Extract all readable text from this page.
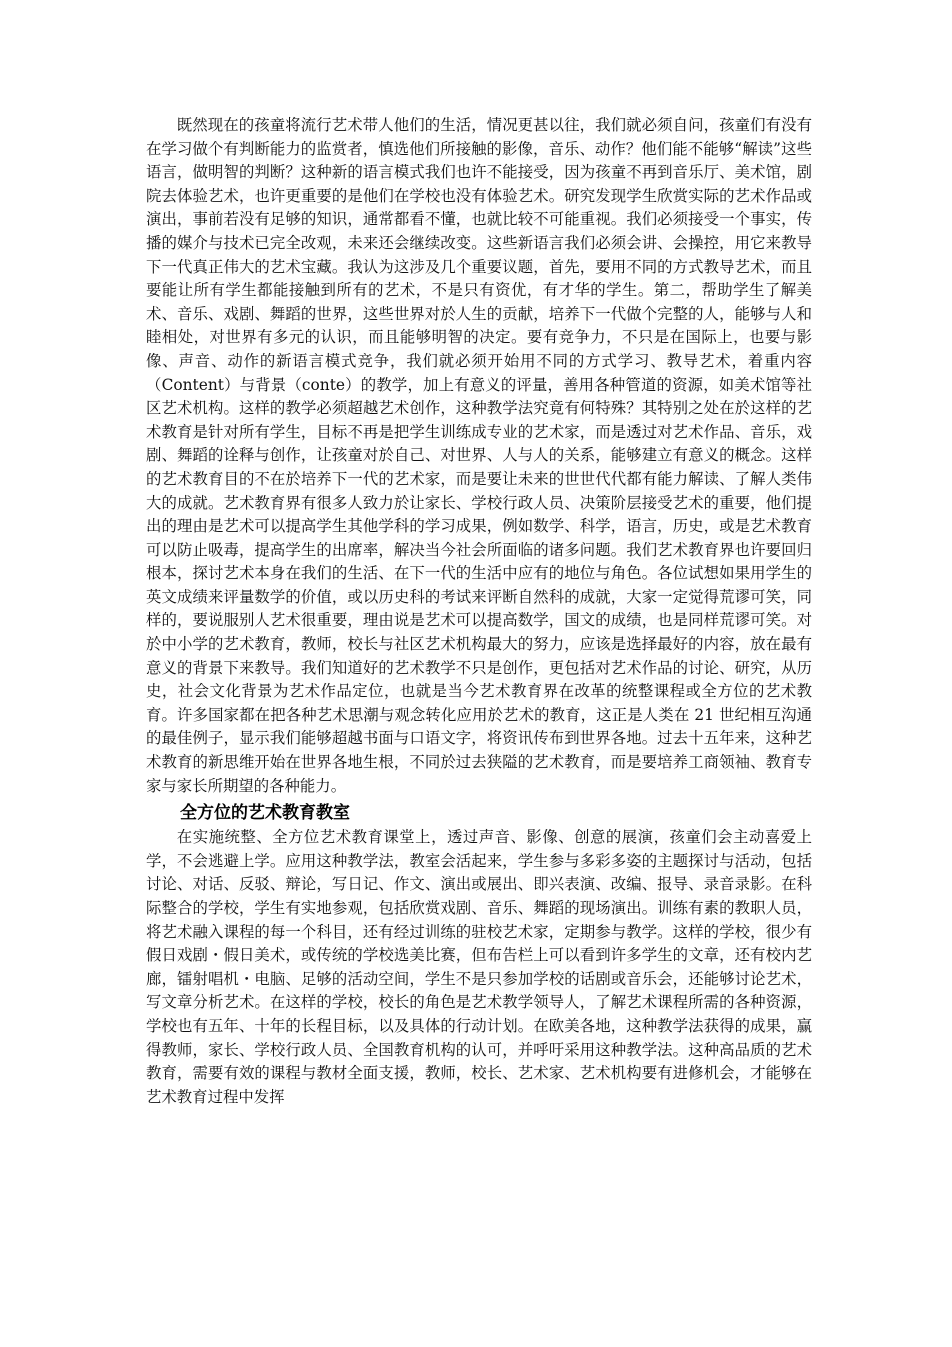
既然现在的孩童将流行艺术带人他们的生活，情况更甚以往，我们就必须自问，孩童们有没有在学习做个有判断能力的监赏者，慎选他们所接触的影像，音乐、动作？他们能不能够“解读”这些语言，做明智的判断？这种新的语言模式我们也许不能接受，因为孩童不再到音乐厅、美术馆，剧院去体验艺术，也许更重要的是他们在学校也没有体验艺术。研究发现学生欣赏实际的艺术作品或演出，事前若没有足够的知识，通常都看不懂，也就比较不可能重视。我们必须接受一个事实，传播的媒介与技术已完全改观，未来还会继续改变。这些新语言我们必须会讲、会操控，用它来教导下一代真正伟大的艺术宝藏。我认为这涉及几个重要议题，首先，要用不同的方式教导艺术，而且要能让所有学生都能接触到所有的艺术，不是只有资优，有才华的学生。第二，帮助学生了解美术、音乐、戏剧、舞蹈的世界，这些世界对於人生的贡献，培养下一代做个完整的人，能够与人和睦相处，对世界有多元的认识，而且能够明智的决定。要有竞争力，不只是在国际上，也要与影像、声音、动作的新语言模式竞争，我们就必须开始用不同的方式学习、教导艺术，着重内容（Content）与背景（conte）的教学，加上有意义的评量，善用各种管道的资源，如美术馆等社区艺术机构。这样的教学必须超越艺术创作，这种教学法究竟有何特殊？其特别之处在於这样的艺术教育是针对所有学生，目标不再是把学生训练成专业的艺术家，而是透过对艺术作品、音乐，戏剧、舞蹈的诠释与创作，让孩童对於自己、对世界、人与人的关系，能够建立有意义的概念。这样的艺术教育目的不在於培养下一代的艺术家，而是要让未来的世世代代都有能力解读、了解人类伟大的成就。艺术教育界有很多人致力於让家长、学校行政人员、决策阶层接受艺术的重要，他们提出的理由是艺术可以提高学生其他学科的学习成果，例如数学、科学，语言，历史，或是艺术教育可以防止吸毒，提高学生的出席率，解决当今社会所面临的诸多问题。我们艺术教育界也许要回归根本，探讨艺术本身在我们的生活、在下一代的生活中应有的地位与角色。各位试想如果用学生的英文成绩来评量数学的价值，或以历史科的考试来评断自然科的成就，大家一定觉得荒谬可笑，同样的，要说服别人艺术很重要，理由说是艺术可以提高数学，国文的成绩，也是同样荒谬可笑。对於中小学的艺术教育，教师，校长与社区艺术机构最大的努力，应该是选择最好的内容，放在最有意义的背景下来教导。我们知道好的艺术教学不只是创作，更包括对艺术作品的讨论、研究，从历史，社会文化背景为艺术作品定位，也就是当今艺术教育界在改革的统整课程或全方位的艺术教育。许多国家都在把各种艺术思潮与观念转化应用於艺术的教育，这正是人类在 21 世纪相互沟通的最佳例子，显示我们能够超越书面与口语文字，将资讯传布到世界各地。过去十五年来，这种艺术教育的新思维开始在世界各地生根，不同於过去狭隘的艺术教育，而是要培养工商领袖、教育专家与家长所期望的各种能力。

全方位的艺术教育教室

在实施统整、全方位艺术教育课堂上，透过声音、影像、创意的展演，孩童们会主动喜爱上学，不会逃避上学。应用这种教学法，教室会活起来，学生参与多彩多姿的主题探讨与活动，包括讨论、对话、反驳、辩论，写日记、作文、演出或展出、即兴表演、改编、报导、录音录影。在科际整合的学校，学生有实地参观，包括欣赏戏剧、音乐、舞蹈的现场演出。训练有素的教职人员，将艺术融入课程的每一个科目，还有经过训练的驻校艺术家，定期参与教学。这样的学校，很少有假日戏剧・假日美术，或传统的学校选美比赛，但布告栏上可以看到许多学生的文章，还有校内艺廊，镭射唱机・电脑、足够的活动空间，学生不是只参加学校的话剧或音乐会，还能够讨论艺术，写文章分析艺术。在这样的学校，校长的角色是艺术教学领导人，了解艺术课程所需的各种资源，学校也有五年、十年的长程目标，以及具体的行动计划。在欧美各地，这种教学法获得的成果，赢得教师，家长、学校行政人员、全国教育机构的认可，并呼吁采用这种教学法。这种高品质的艺术教育，需要有效的课程与教材全面支援，教师，校长、艺术家、艺术机构要有进修机会，才能够在艺术教育过程中发挥
